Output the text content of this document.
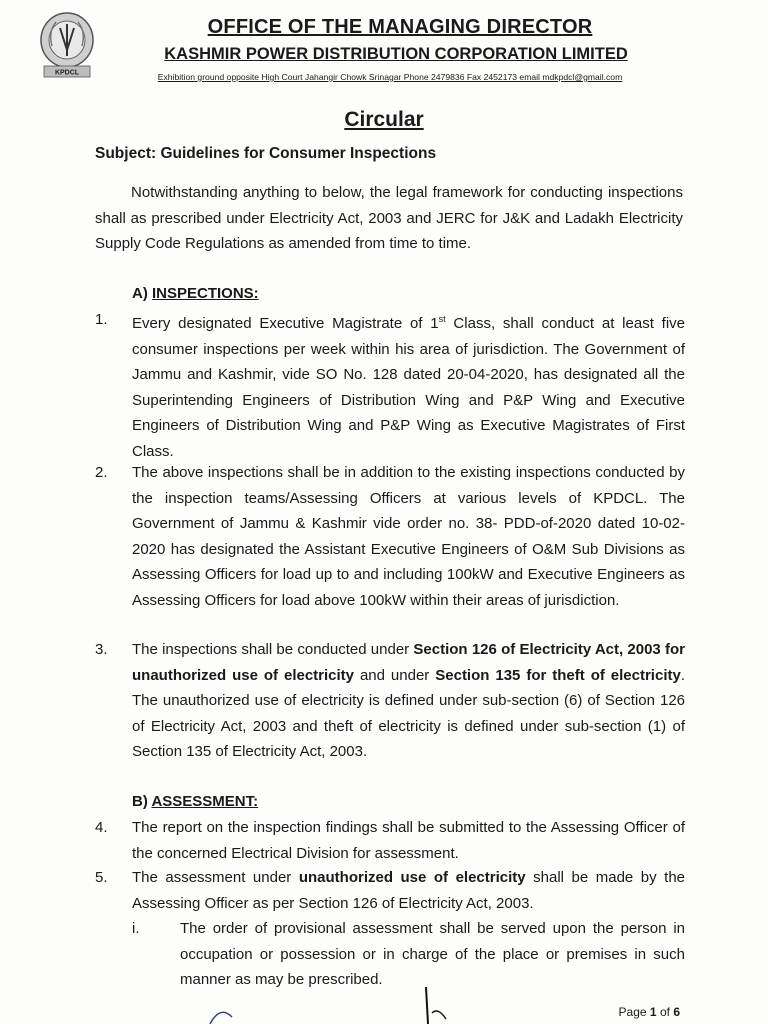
KPDCL
OFFICE OF THE MANAGING DIRECTOR
KASHMIR POWER DISTRIBUTION CORPORATION LIMITED
Exhibition ground opposite High Court Jahangir Chowk Srinagar Phone 2479836 Fax 2452173 email mdkpdcl@gmail.com
Circular
Subject: Guidelines for Consumer Inspections
Notwithstanding anything to below, the legal framework for conducting inspections shall as prescribed under Electricity Act, 2003 and JERC for J&K and Ladakh Electricity Supply Code Regulations as amended from time to time.
A) INSPECTIONS:
1.	Every designated Executive Magistrate of 1st Class, shall conduct at least five consumer inspections per week within his area of jurisdiction. The Government of Jammu and Kashmir, vide SO No. 128 dated 20-04-2020, has designated all the Superintending Engineers of Distribution Wing and P&P Wing and Executive Engineers of Distribution Wing and P&P Wing as Executive Magistrates of First Class.
2.	The above inspections shall be in addition to the existing inspections conducted by the inspection teams/Assessing Officers at various levels of KPDCL. The Government of Jammu & Kashmir vide order no. 38- PDD-of-2020 dated 10-02-2020 has designated the Assistant Executive Engineers of O&M Sub Divisions as Assessing Officers for load up to and including 100kW and Executive Engineers as Assessing Officers for load above 100kW within their areas of jurisdiction.
3.	The inspections shall be conducted under Section 126 of Electricity Act, 2003 for unauthorized use of electricity and under Section 135 for theft of electricity. The unauthorized use of electricity is defined under sub-section (6) of Section 126 of Electricity Act, 2003 and theft of electricity is defined under sub-section (1) of Section 135 of Electricity Act, 2003.
B) ASSESSMENT:
4.	The report on the inspection findings shall be submitted to the Assessing Officer of the concerned Electrical Division for assessment.
5.	The assessment under unauthorized use of electricity shall be made by the Assessing Officer as per Section 126 of Electricity Act, 2003.
i.	The order of provisional assessment shall be served upon the person in occupation or possession or in charge of the place or premises in such manner as may be prescribed.
Page 1 of 6
